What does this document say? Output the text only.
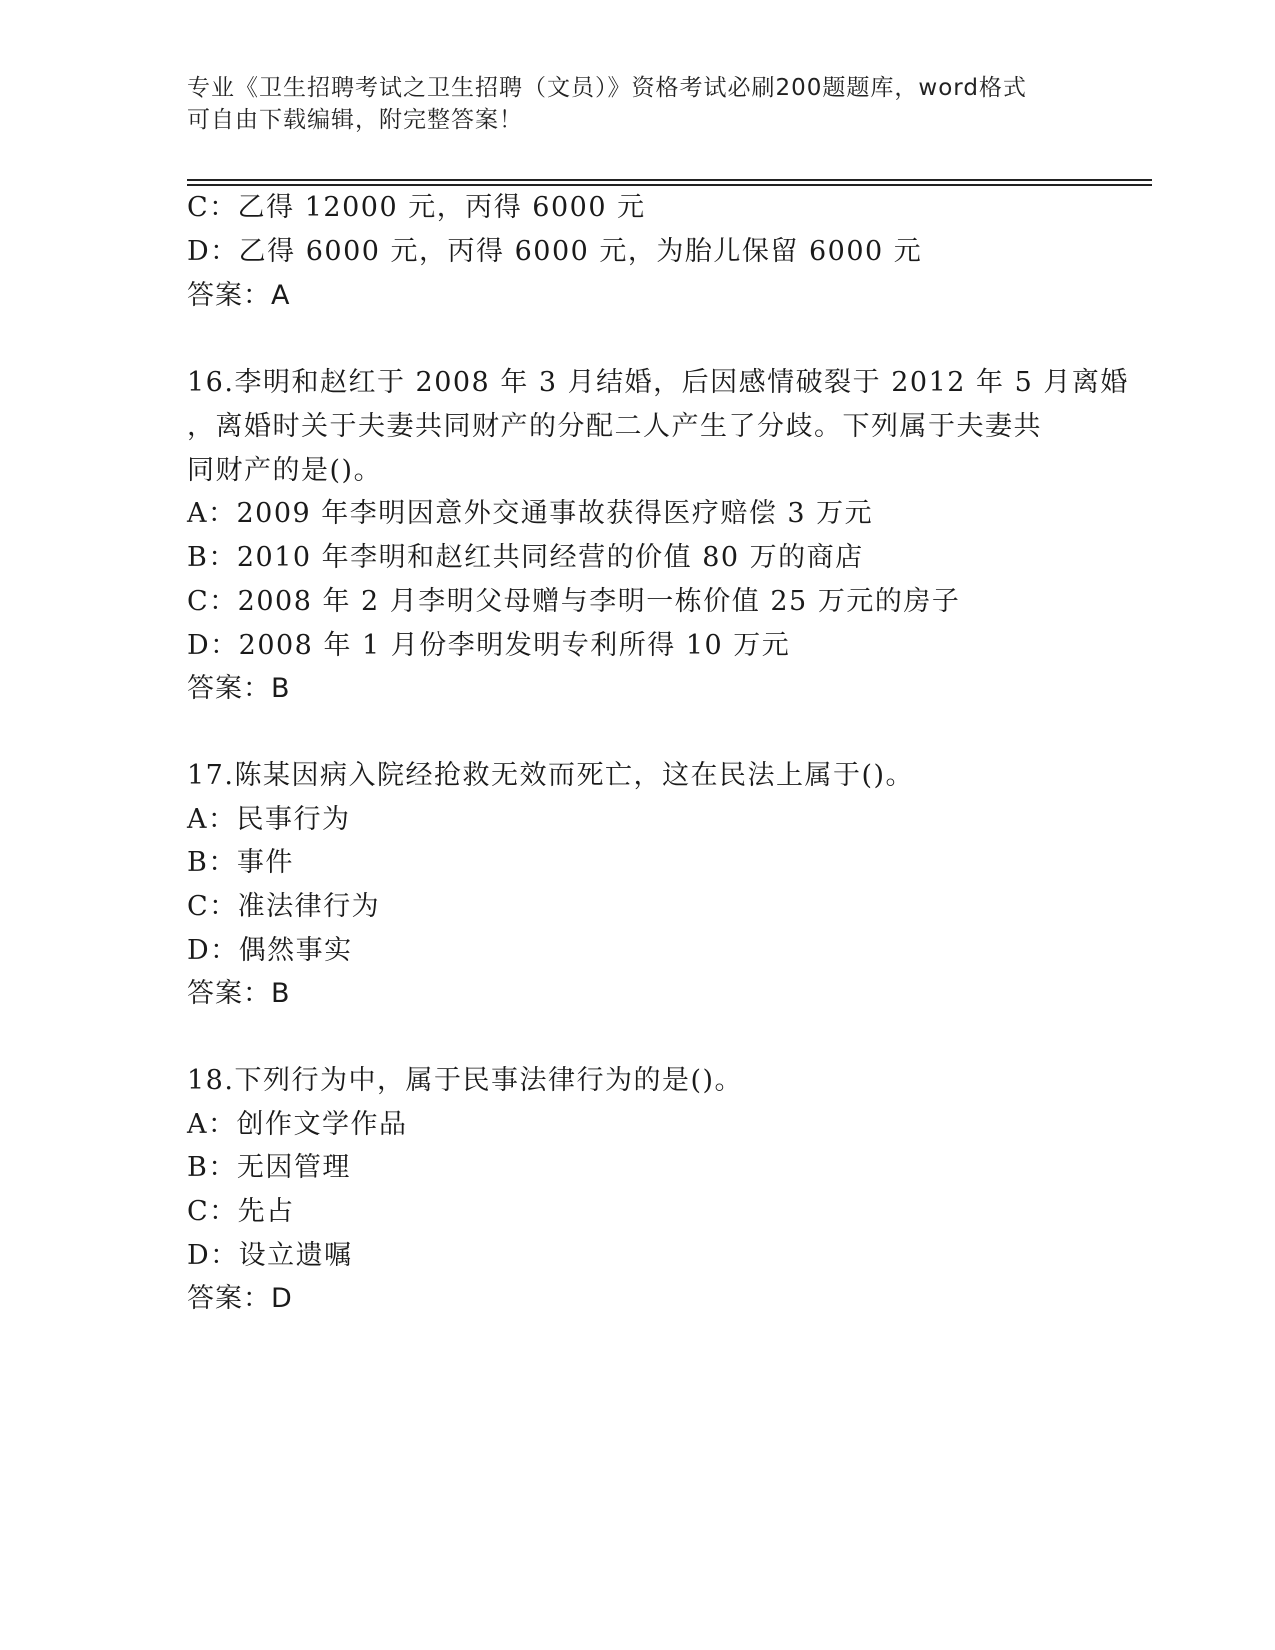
专业《卫生招聘考试之卫生招聘（文员）》资格考试必刷200题题库，word格式
可自由下载编辑，附完整答案！
C：乙得 12000 元，丙得 6000 元
D：乙得 6000 元，丙得 6000 元，为胎儿保留 6000 元
答案：A
16.李明和赵红于 2008 年 3 月结婚，后因感情破裂于 2012 年 5 月离婚
，离婚时关于夫妻共同财产的分配二人产生了分歧。下列属于夫妻共
同财产的是()。
A：2009 年李明因意外交通事故获得医疗赔偿 3 万元
B：2010 年李明和赵红共同经营的价值 80 万的商店
C：2008 年 2 月李明父母赠与李明一栋价值 25 万元的房子
D：2008 年 1 月份李明发明专利所得 10 万元
答案：B
17.陈某因病入院经抢救无效而死亡，这在民法上属于()。
A：民事行为
B：事件
C：准法律行为
D：偶然事实
答案：B
18.下列行为中，属于民事法律行为的是()。
A：创作文学作品
B：无因管理
C：先占
D：设立遗嘱
答案：D
